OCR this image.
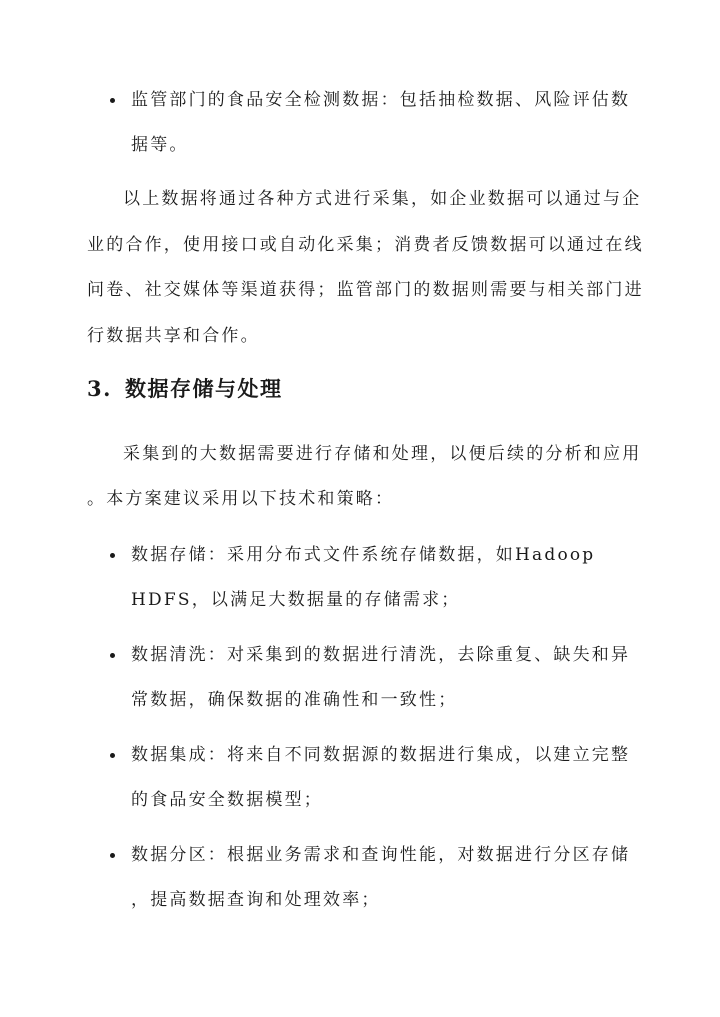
监管部门的食品安全检测数据：包括抽检数据、风险评估数
据等。
以上数据将通过各种方式进行采集，如企业数据可以通过与企
业的合作，使用接口或自动化采集；消费者反馈数据可以通过在线
问卷、社交媒体等渠道获得；监管部门的数据则需要与相关部门进
行数据共享和合作。
3. 数据存储与处理
采集到的大数据需要进行存储和处理，以便后续的分析和应用
。本方案建议采用以下技术和策略：
数据存储：采用分布式文件系统存储数据，如Hadoop
HDFS，以满足大数据量的存储需求；
数据清洗：对采集到的数据进行清洗，去除重复、缺失和异
常数据，确保数据的准确性和一致性；
数据集成：将来自不同数据源的数据进行集成，以建立完整
的食品安全数据模型；
数据分区：根据业务需求和查询性能，对数据进行分区存储
，提高数据查询和处理效率；
